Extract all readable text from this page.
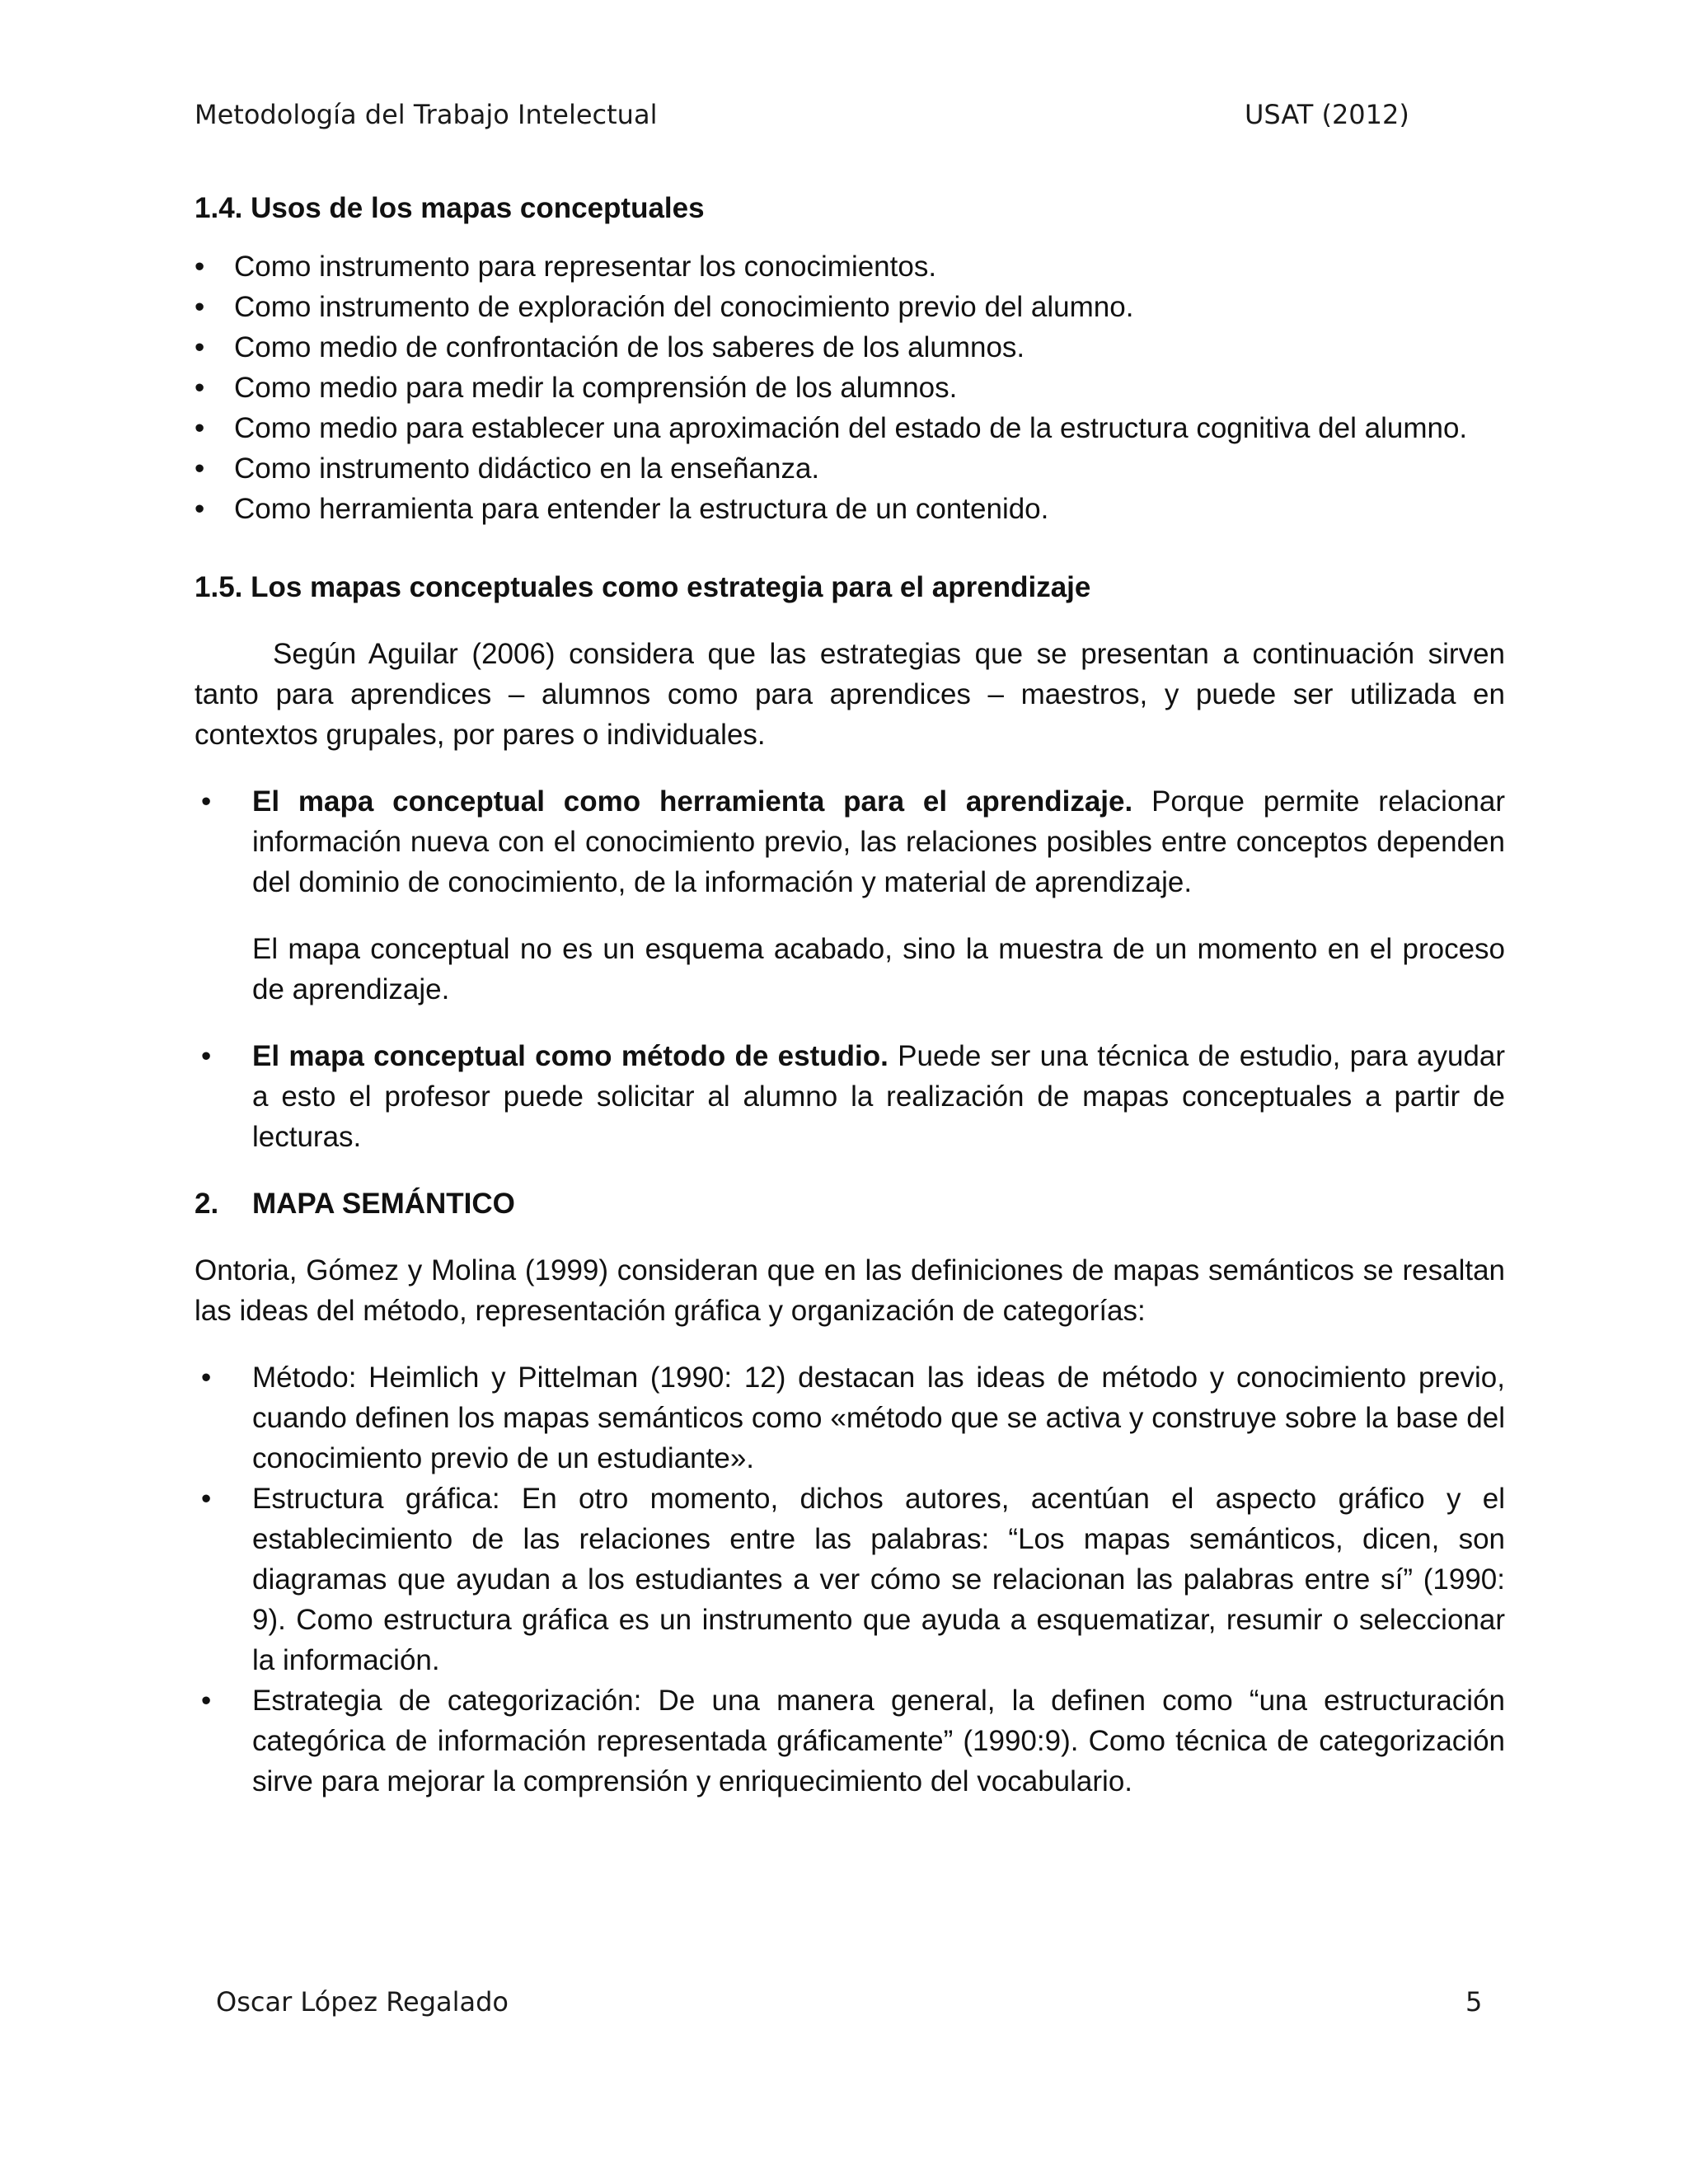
Metodología del Trabajo Intelectual	USAT (2012)
1.4. Usos de los mapas conceptuales
• Como instrumento para representar los conocimientos.
• Como instrumento de exploración del conocimiento previo del alumno.
• Como medio de confrontación de los saberes de los alumnos.
• Como medio para medir la comprensión de los alumnos.
• Como medio para establecer una aproximación del estado de la estructura cognitiva del alumno.
• Como instrumento didáctico en la enseñanza.
• Como herramienta para entender la estructura de un contenido.
1.5. Los mapas conceptuales como estrategia para el aprendizaje

Según Aguilar (2006) considera que las estrategias que se presentan a continuación sirven tanto para aprendices – alumnos como para aprendices – maestros, y puede ser utilizada en contextos grupales, por pares o individuales.

• El mapa conceptual como herramienta para el aprendizaje. Porque permite relacionar información nueva con el conocimiento previo, las relaciones posibles entre conceptos dependen del dominio de conocimiento, de la información y material de aprendizaje.

El mapa conceptual no es un esquema acabado, sino la muestra de un momento en el proceso de aprendizaje.

• El mapa conceptual como método de estudio. Puede ser una técnica de estudio, para ayudar a esto el profesor puede solicitar al alumno la realización de mapas conceptuales a partir de lecturas.
2. MAPA SEMÁNTICO

Ontoria, Gómez y Molina (1999) consideran que en las definiciones de mapas semánticos se resaltan las ideas del método, representación gráfica y organización de categorías:

• Método: Heimlich y Pittelman (1990: 12) destacan las ideas de método y conocimiento previo, cuando definen los mapas semánticos como «método que se activa y construye sobre la base del conocimiento previo de un estudiante».
• Estructura gráfica: En otro momento, dichos autores, acentúan el aspecto gráfico y el establecimiento de las relaciones entre las palabras: “Los mapas semánticos, dicen, son diagramas que ayudan a los estudiantes a ver cómo se relacionan las palabras entre sí” (1990: 9). Como estructura gráfica es un instrumento que ayuda a esquematizar, resumir o seleccionar la información.
• Estrategia de categorización: De una manera general, la definen como “una estructuración categórica de información representada gráficamente” (1990:9). Como técnica de categorización sirve para mejorar la comprensión y enriquecimiento del vocabulario.
Oscar López Regalado	5
